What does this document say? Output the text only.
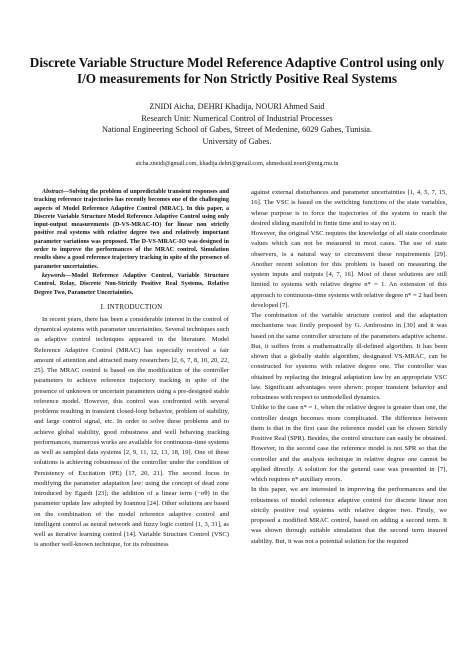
Discrete Variable Structure Model Reference Adaptive Control using only I/O measurements for Non Strictly Positive Real Systems
ZNIDI Aicha, DEHRI Khadija, NOURI Ahmed Said
Research Unit: Numerical Control of Industrial Processes
National Engineering School of Gabes, Street of Medenine, 6029 Gabes, Tunisia.
University of Gabes.
aicha.zneidi@gmail.com, khadija.dehri@gmail.com, ahmedsaid.nouri@enig.rnu.tn

Abstract—Solving the problem of unpredictable transient responses and tracking reference trajectories has recently becomes one of the challenging aspects of Model Reference Adaptive Control (MRAC). In this paper, a Discrete Variable Structure Model Reference Adaptive Control using only input-output measurements (D-VS-MRAC-IO) for linear non strictly positive real systems with relative degree two and relatively important parameter variations was proposed. The D-VS-MRAC-IO was designed in order to improve the performances of the MRAC control. Simulation results show a good reference trajectory tracking in spite of the presence of parameter uncertainties.

keywords—Model Reference Adaptive Control, Variable Structure Control, Relay, Discrete Non-Strictly Positive Real Systems, Relative Degree Two, Parameter Uncertainties.

I. INTRODUCTION

In recent years, there has been a considerable interest in the control of dynamical systems with parameter uncertainties. Several techniques such as adaptive control techniques appeared in the literature. Model Reference Adaptive Control (MRAC) has especially received a fair amount of attention and attracted many researchers [2, 6, 7, 8, 10, 20, 22, 25]. The MRAC control is based on the modification of the controller parameters to achieve reference trajectory tracking in spite of the presence of unknown or uncertain parameters using a pre-designed stable reference model. However, this control was confronted with several problems resulting in transient closed-loop behavior, problem of stability, and large control signal, etc. In order to solve these problems and to achieve global stability, good robustness and well behaving tracking performances, numerous works are available for continuous-time systems as well as sampled data systems [2, 9, 11, 12, 13, 18, 19]. One of these solutions is achieving robustness of the controller under the condition of Persistency of Excitation (PE) [17, 20, 21]. The second focus in modifying the parameter adaptation law: using the concept of dead zone introduced by Egardt [23]; the addition of a linear term (−σθ) in the parameter update law adopted by Ioannou [24]. Other solutions are based on the combination of the model reference adaptive control and intelligent control as neural network and fuzzy logic control [1, 3, 31], as well as iterative learning control [14]. Variable Structure Control (VSC) is another well-known technique, for its robustness

against external disturbances and parameter uncertainties [1, 4, 5, 7, 15, 16]. The VSC is based on the switching functions of the state variables, whose purpose is to force the trajectories of the system to reach the desired sliding manifold in finite time and to stay on it.

However, the original VSC requires the knowledge of all state coordinate values which can not be measured in most cases. The use of state observers, is a natural way to circumvent these requirements [29]. Another recent solution for this problem is based on measuring the system inputs and outputs [4, 7, 16]. Most of these solutions are still limited to systems with relative degree n* = 1. An extension of this approach to continuous-time systems with relative degree n* = 2 had been developed [7].

The combination of the variable structure control and the adaptation mechanisms was firstly proposed by G. Ambrosino in [30] and it was based on the same controller structure of the parameters adaptive scheme. But, it suffers from a mathematically ill-defined algorithm. It has been shown that a globally stable algorithm, designated VS-MRAC, can be constructed for systems with relative degree one. The controller was obtained by replacing the integral adaptation law by an appropriate VSC law. Significant advantages were shown: proper transient behavior and robustness with respect to unmodelled dynamics.

Unlike to the case n* = 1, when the relative degree is greater than one, the controller design becomes more complicated. The difference between them is that in the first case the reference model can be chosen Strictly Positive Real (SPR). Besides, the control structure can easily be obtained. However, in the second case the reference model is not SPR so that the controller and the analysis technique in relative degree one cannot be applied directly. A solution for the general case was presented in [7], which requires n* auxiliary errors.

In this paper, we are interested in improving the performances and the robustness of model reference adaptive control for discrete linear non strictly positive real systems with relative degree two. Firstly, we proposed a modified MRAC control, based on adding a second term. It was shown through suitable simulation that the second term insured stability. But, it was not a potential solution for the required
